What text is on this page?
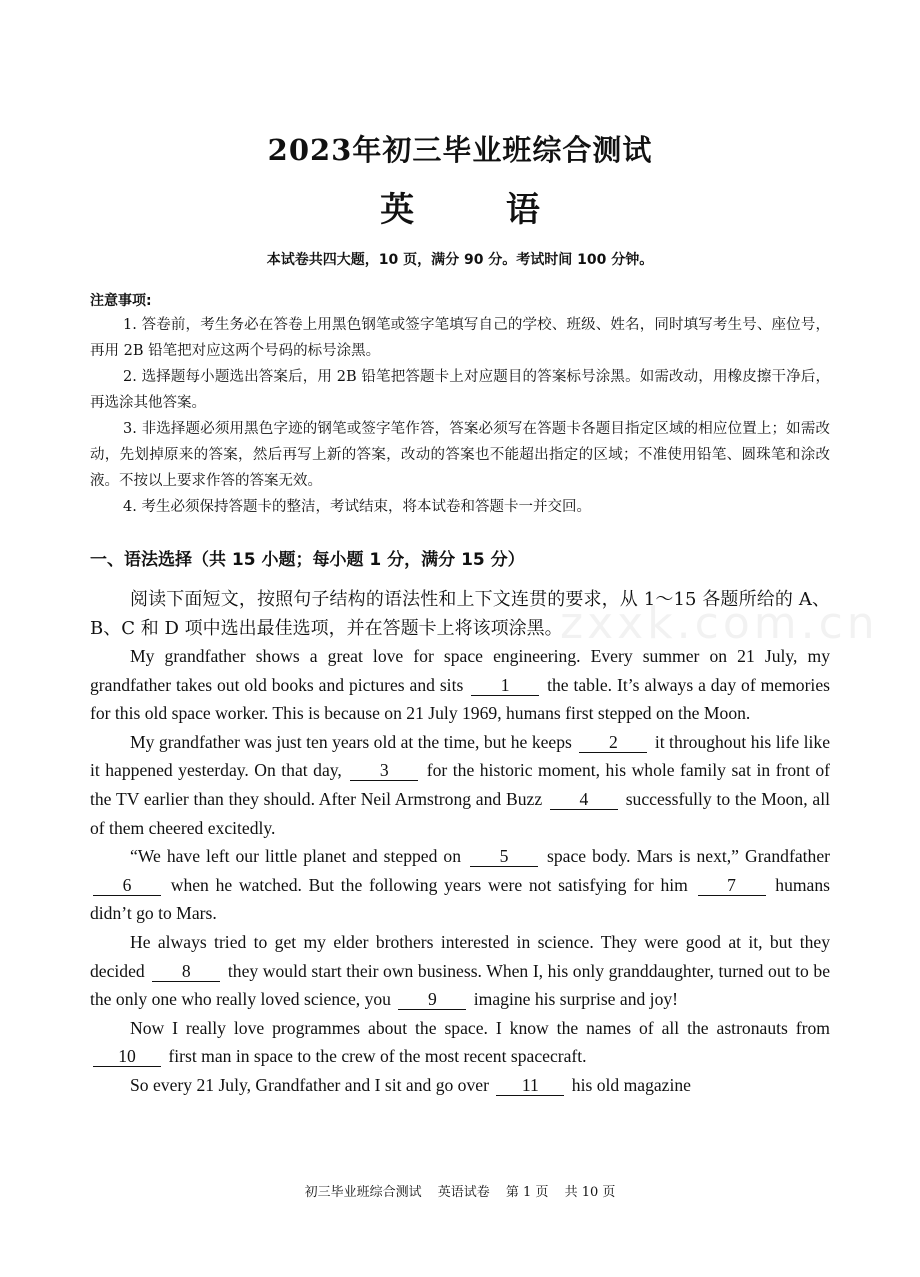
zxxk.com.cn
2023年初三毕业班综合测试
英 语
本试卷共四大题，10 页，满分 90 分。考试时间 100 分钟。
注意事项:
1. 答卷前，考生务必在答卷上用黑色钢笔或签字笔填写自己的学校、班级、姓名，同时填写考生号、座位号，再用 2B 铅笔把对应这两个号码的标号涂黑。
2. 选择题每小题选出答案后，用 2B 铅笔把答题卡上对应题目的答案标号涂黑。如需改动，用橡皮擦干净后，再选涂其他答案。
3. 非选择题必须用黑色字迹的钢笔或签字笔作答，答案必须写在答题卡各题目指定区域的相应位置上；如需改动，先划掉原来的答案，然后再写上新的答案，改动的答案也不能超出指定的区域；不准使用铅笔、圆珠笔和涂改液。不按以上要求作答的答案无效。
4. 考生必须保持答题卡的整洁，考试结束，将本试卷和答题卡一并交回。
一、语法选择（共 15 小题；每小题 1 分，满分 15 分）
阅读下面短文，按照句子结构的语法性和上下文连贯的要求，从 1～15 各题所给的 A、B、C 和 D 项中选出最佳选项，并在答题卡上将该项涂黑。

My grandfather shows a great love for space engineering. Every summer on 21 July, my grandfather takes out old books and pictures and sits 1 the table. It’s always a day of memories for this old space worker. This is because on 21 July 1969, humans first stepped on the Moon.

My grandfather was just ten years old at the time, but he keeps 2 it throughout his life like it happened yesterday. On that day, 3 for the historic moment, his whole family sat in front of the TV earlier than they should. After Neil Armstrong and Buzz 4 successfully to the Moon, all of them cheered excitedly.

“We have left our little planet and stepped on 5 space body. Mars is next,” Grandfather 6 when he watched. But the following years were not satisfying for him 7 humans didn’t go to Mars.

He always tried to get my elder brothers interested in science. They were good at it, but they decided 8 they would start their own business. When I, his only granddaughter, turned out to be the only one who really loved science, you 9 imagine his surprise and joy!

Now I really love programmes about the space. I know the names of all the astronauts from 10 first man in space to the crew of the most recent spacecraft.

So every 21 July, Grandfather and I sit and go over 11 his old magazine

初三毕业班综合测试 英语试卷 第 1 页 共 10 页
